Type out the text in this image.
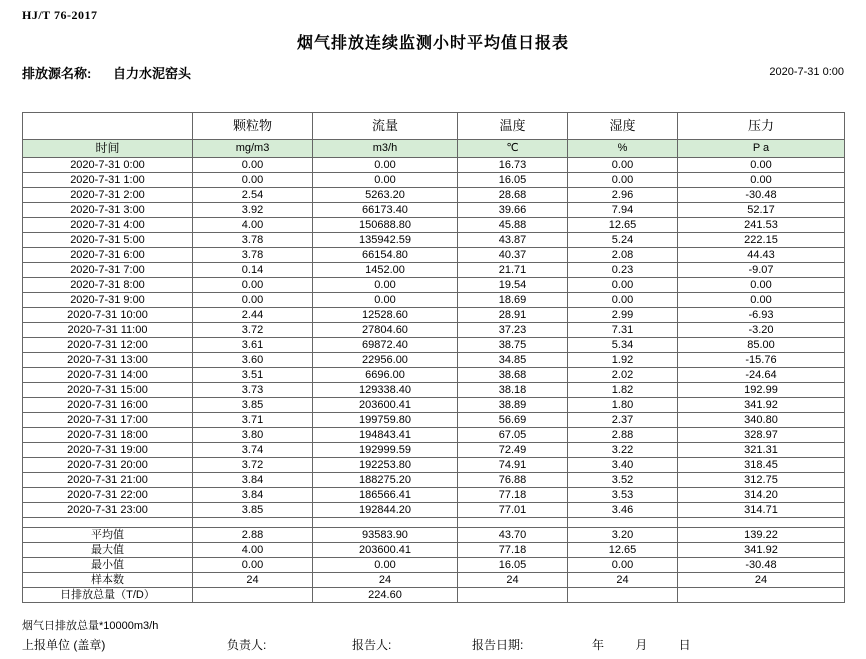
HJ/T 76-2017
烟气排放连续监测小时平均值日报表
排放源名称: 自力水泥窑头	2020-7-31 0:00
	颗粒物	流量	温度	湿度	压力
时间	mg/m3	m3/h	℃	%	P a
2020-7-31 0:00	0.00	0.00	16.73	0.00	0.00
2020-7-31 1:00	0.00	0.00	16.05	0.00	0.00
2020-7-31 2:00	2.54	5263.20	28.68	2.96	-30.48
2020-7-31 3:00	3.92	66173.40	39.66	7.94	52.17
2020-7-31 4:00	4.00	150688.80	45.88	12.65	241.53
2020-7-31 5:00	3.78	135942.59	43.87	5.24	222.15
2020-7-31 6:00	3.78	66154.80	40.37	2.08	44.43
2020-7-31 7:00	0.14	1452.00	21.71	0.23	-9.07
2020-7-31 8:00	0.00	0.00	19.54	0.00	0.00
2020-7-31 9:00	0.00	0.00	18.69	0.00	0.00
2020-7-31 10:00	2.44	12528.60	28.91	2.99	-6.93
2020-7-31 11:00	3.72	27804.60	37.23	7.31	-3.20
2020-7-31 12:00	3.61	69872.40	38.75	5.34	85.00
2020-7-31 13:00	3.60	22956.00	34.85	1.92	-15.76
2020-7-31 14:00	3.51	6696.00	38.68	2.02	-24.64
2020-7-31 15:00	3.73	129338.40	38.18	1.82	192.99
2020-7-31 16:00	3.85	203600.41	38.89	1.80	341.92
2020-7-31 17:00	3.71	199759.80	56.69	2.37	340.80
2020-7-31 18:00	3.80	194843.41	67.05	2.88	328.97
2020-7-31 19:00	3.74	192999.59	72.49	3.22	321.31
2020-7-31 20:00	3.72	192253.80	74.91	3.40	318.45
2020-7-31 21:00	3.84	188275.20	76.88	3.52	312.75
2020-7-31 22:00	3.84	186566.41	77.18	3.53	314.20
2020-7-31 23:00	3.85	192844.20	77.01	3.46	314.71

平均值	2.88	93583.90	43.70	3.20	139.22
最大值	4.00	203600.41	77.18	12.65	341.92
最小值	0.00	0.00	16.05	0.00	-30.48
样本数	24	24	24	24	24
日排放总量（T/D）		224.60			
烟气日排放总量*10000m3/h
上报单位 (盖章)	负责人:	报告人:	报告日期:	年 月 日
